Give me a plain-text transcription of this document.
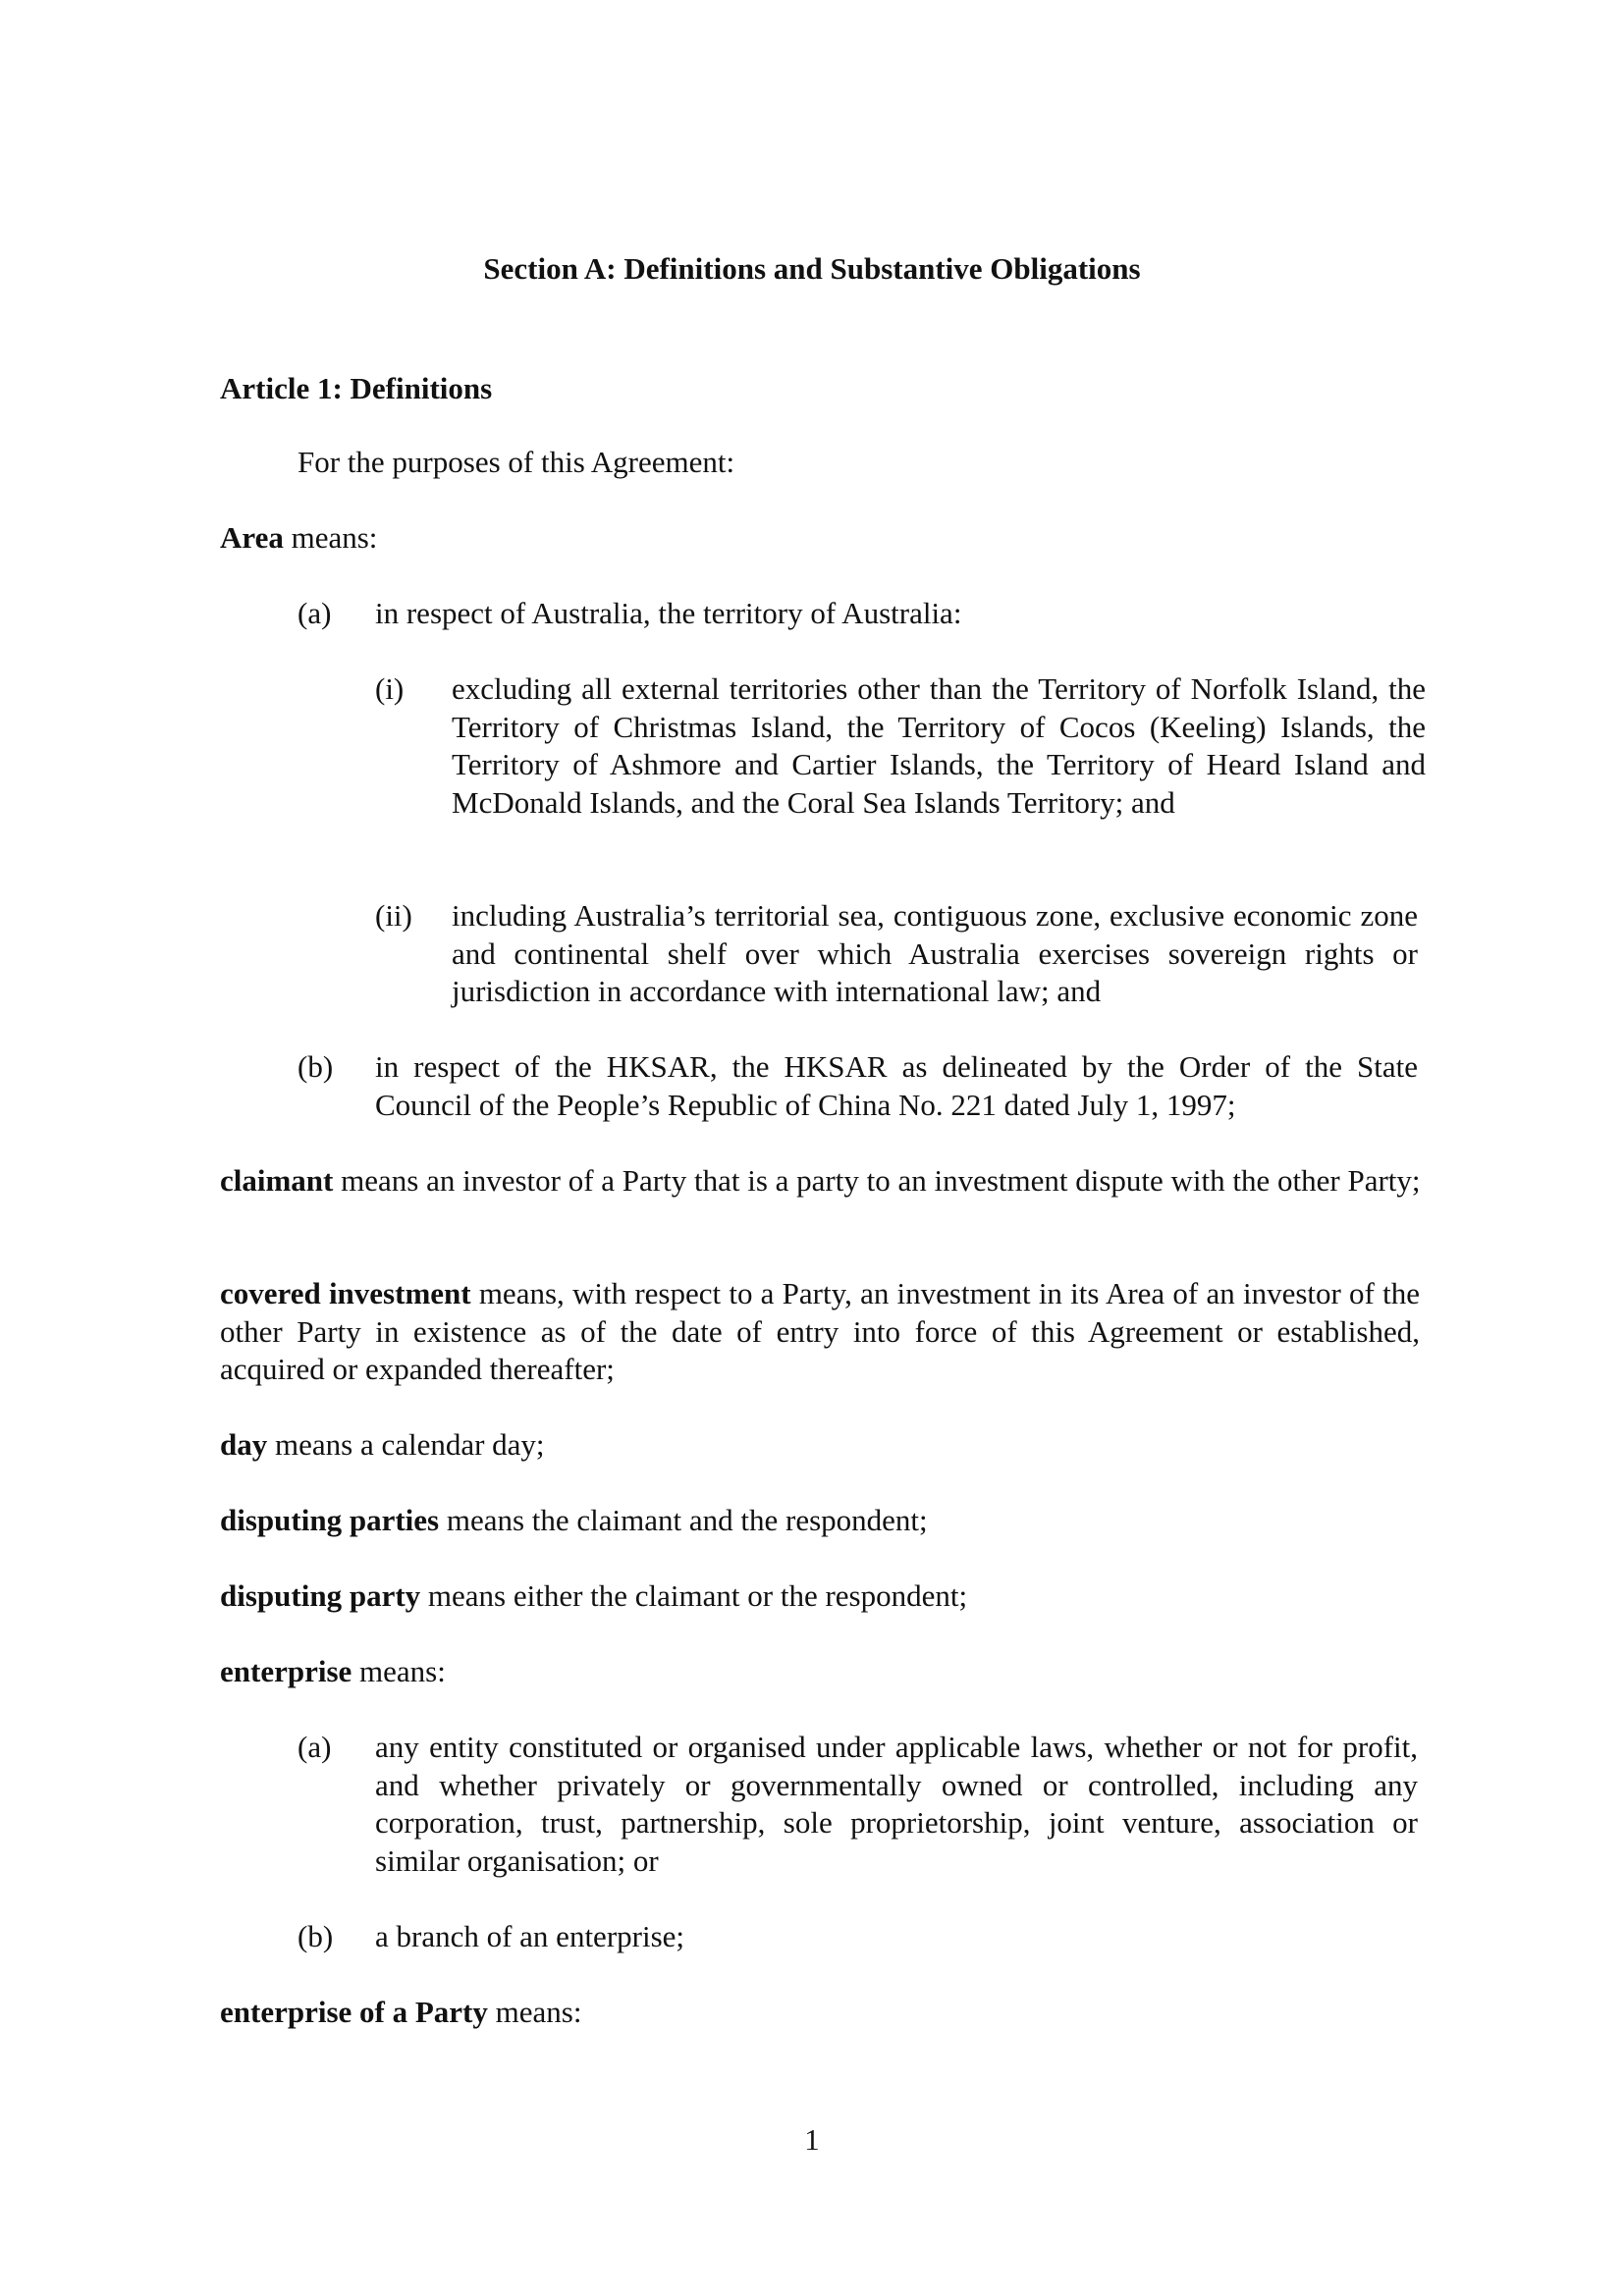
Section A: Definitions and Substantive Obligations
Article 1: Definitions
For the purposes of this Agreement:
Area means:
(a) in respect of Australia, the territory of Australia:
(i) excluding all external territories other than the Territory of Norfolk Island, the Territory of Christmas Island, the Territory of Cocos (Keeling) Islands, the Territory of Ashmore and Cartier Islands, the Territory of Heard Island and McDonald Islands, and the Coral Sea Islands Territory; and
(ii) including Australia’s territorial sea, contiguous zone, exclusive economic zone and continental shelf over which Australia exercises sovereign rights or jurisdiction in accordance with international law; and
(b) in respect of the HKSAR, the HKSAR as delineated by the Order of the State Council of the People’s Republic of China No. 221 dated July 1, 1997;
claimant means an investor of a Party that is a party to an investment dispute with the other Party;
covered investment means, with respect to a Party, an investment in its Area of an investor of the other Party in existence as of the date of entry into force of this Agreement or established, acquired or expanded thereafter;
day means a calendar day;
disputing parties means the claimant and the respondent;
disputing party means either the claimant or the respondent;
enterprise means:
(a) any entity constituted or organised under applicable laws, whether or not for profit, and whether privately or governmentally owned or controlled, including any corporation, trust, partnership, sole proprietorship, joint venture, association or similar organisation; or
(b) a branch of an enterprise;
enterprise of a Party means:
1
